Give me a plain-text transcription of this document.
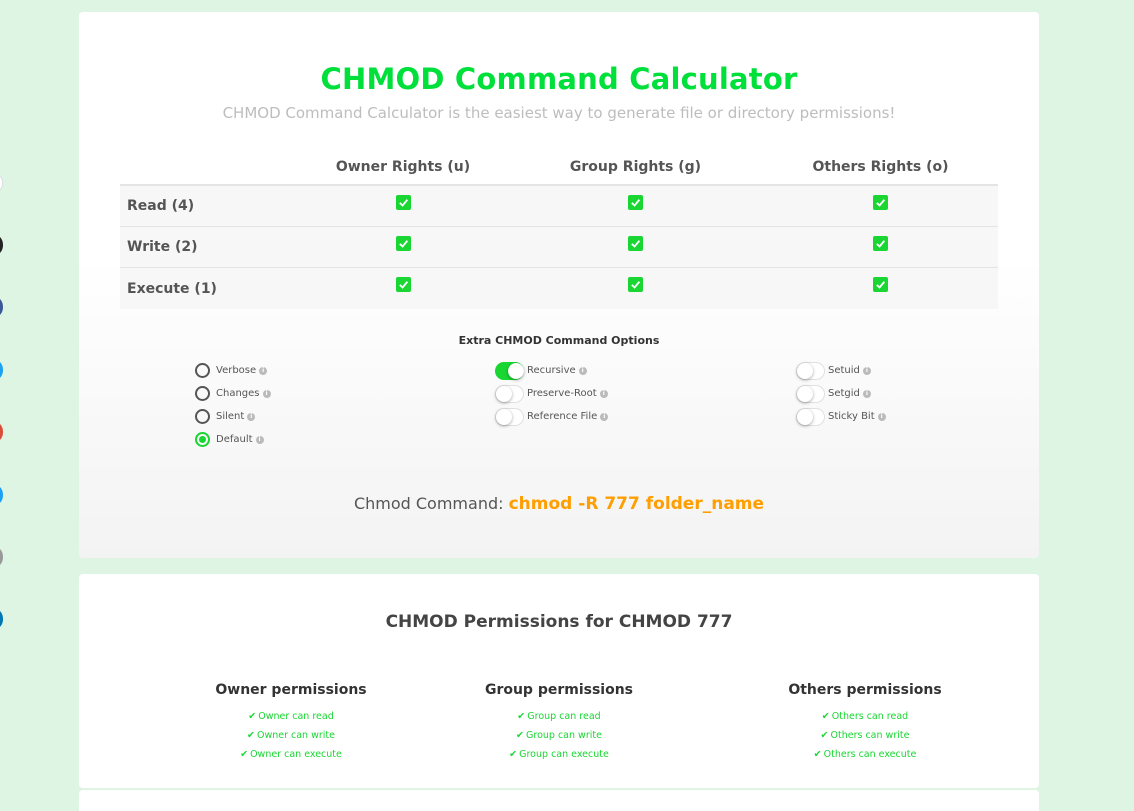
CHMOD Command Calculator

CHMOD Command Calculator is the easiest way to generate file or directory permissions!

Owner Rights (u)	Group Rights (g)	Others Rights (o)
Read (4)
Write (2)
Execute (1)
Extra CHMOD Command Options
Verbose i
Changes i
Silent i
Default i
Recursive i
Preserve-Root i
Reference File i
Setuid i
Setgid i
Sticky Bit i
Chmod Command: chmod -R 777 folder_name
CHMOD Permissions for CHMOD 777
Owner permissions
✔ Owner can read
✔ Owner can write
✔ Owner can execute
Group permissions
✔ Group can read
✔ Group can write
✔ Group can execute
Others permissions
✔ Others can read
✔ Others can write
✔ Others can execute
